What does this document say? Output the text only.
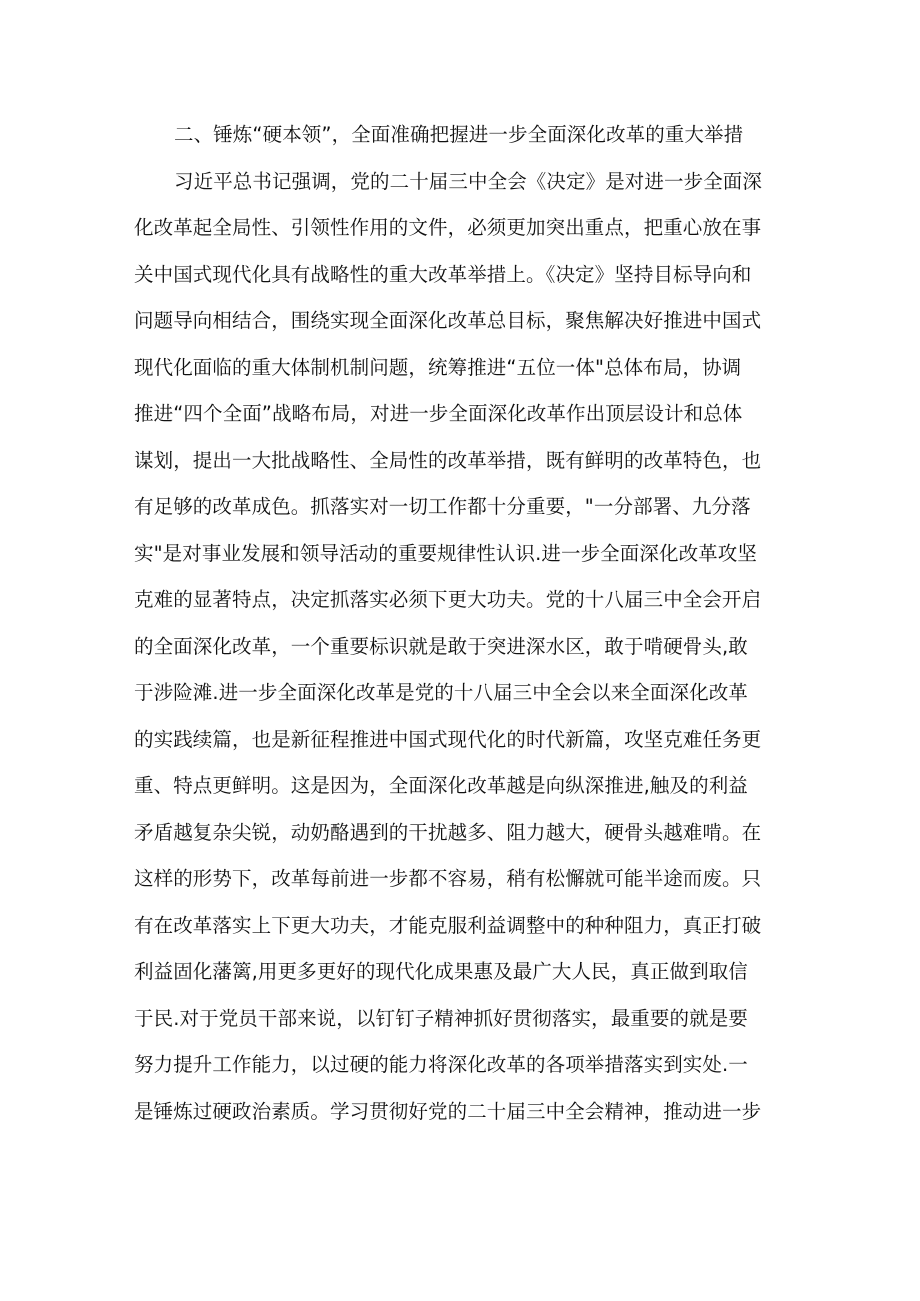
二、锤炼“硬本领”，全面准确把握进一步全面深化改革的重大举措
习近平总书记强调，党的二十届三中全会《决定》是对进一步全面深
化改革起全局性、引领性作用的文件，必须更加突出重点，把重心放在事
关中国式现代化具有战略性的重大改革举措上。《决定》坚持目标导向和
问题导向相结合，围绕实现全面深化改革总目标，聚焦解决好推进中国式
现代化面临的重大体制机制问题，统筹推进“五位一体"总体布局，协调
推进“四个全面”战略布局，对进一步全面深化改革作出顶层设计和总体
谋划，提出一大批战略性、全局性的改革举措，既有鲜明的改革特色，也
有足够的改革成色。抓落实对一切工作都十分重要，"一分部署、九分落
实"是对事业发展和领导活动的重要规律性认识.进一步全面深化改革攻坚
克难的显著特点，决定抓落实必须下更大功夫。党的十八届三中全会开启
的全面深化改革，一个重要标识就是敢于突进深水区，敢于啃硬骨头,敢
于涉险滩.进一步全面深化改革是党的十八届三中全会以来全面深化改革
的实践续篇，也是新征程推进中国式现代化的时代新篇，攻坚克难任务更
重、特点更鲜明。这是因为，全面深化改革越是向纵深推进,触及的利益
矛盾越复杂尖锐，动奶酪遇到的干扰越多、阻力越大，硬骨头越难啃。在
这样的形势下，改革每前进一步都不容易，稍有松懈就可能半途而废。只
有在改革落实上下更大功夫，才能克服利益调整中的种种阻力，真正打破
利益固化藩篱,用更多更好的现代化成果惠及最广大人民，真正做到取信
于民.对于党员干部来说，以钉钉子精神抓好贯彻落实，最重要的就是要
努力提升工作能力，以过硬的能力将深化改革的各项举措落实到实处.一
是锤炼过硬政治素质。学习贯彻好党的二十届三中全会精神，推动进一步
